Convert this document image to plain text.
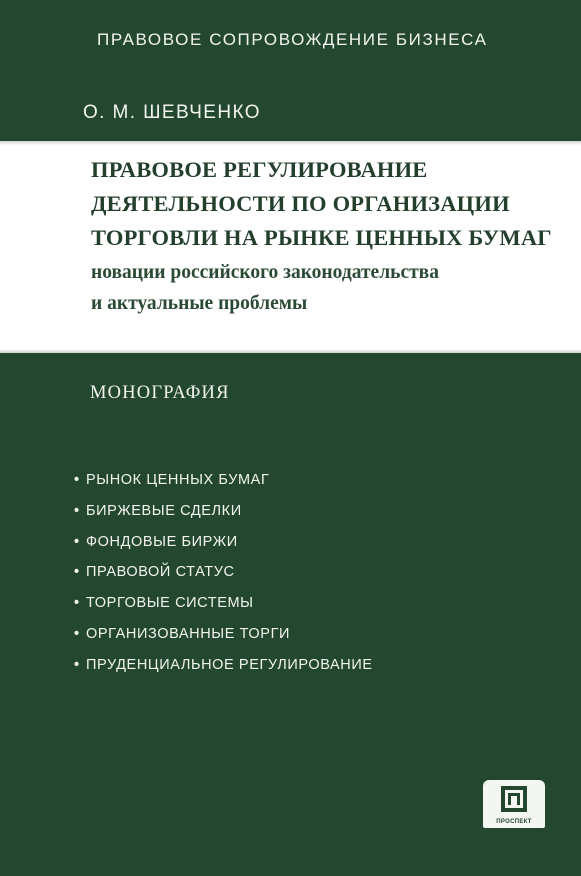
ПРАВОВОЕ СОПРОВОЖДЕНИЕ БИЗНЕСА
О. М. ШЕВЧЕНКО
ПРАВОВОЕ РЕГУЛИРОВАНИЕ
ДЕЯТЕЛЬНОСТИ ПО ОРГАНИЗАЦИИ
ТОРГОВЛИ НА РЫНКЕ ЦЕННЫХ БУМАГ
новации российского законодательства
и актуальные проблемы
МОНОГРАФИЯ
• РЫНОК ЦЕННЫХ БУМАГ
• БИРЖЕВЫЕ СДЕЛКИ
• ФОНДОВЫЕ БИРЖИ
• ПРАВОВОЙ СТАТУС
• ТОРГОВЫЕ СИСТЕМЫ
• ОРГАНИЗОВАННЫЕ ТОРГИ
• ПРУДЕНЦИАЛЬНОЕ РЕГУЛИРОВАНИЕ
ПРОСПЕКТ
